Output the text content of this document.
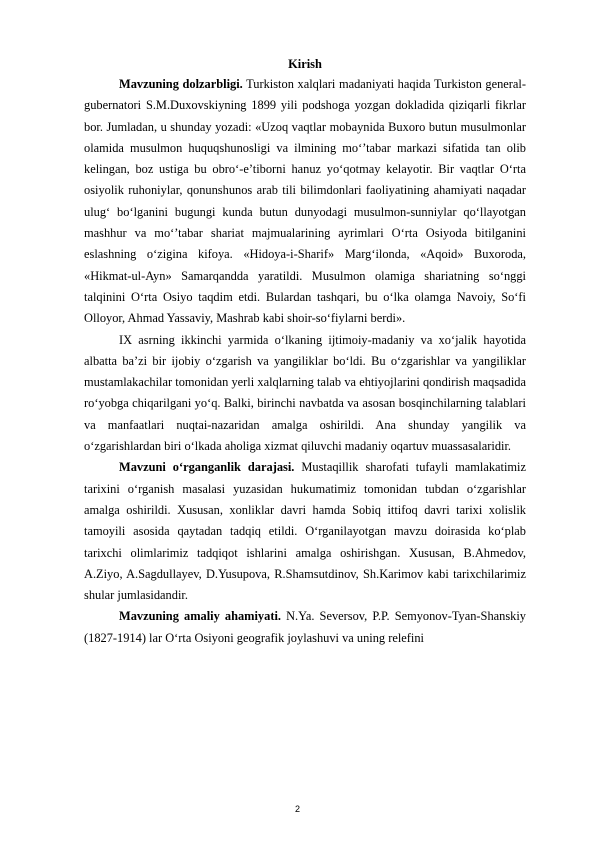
Kirish

Mavzuning dolzarbligi. Turkiston xalqlari madaniyati haqida Turkiston general-gubernatori S.M.Duxovskiyning 1899 yili podshoga yozgan dokladida qiziqarli fikrlar bor. Jumladan, u shunday yozadi: «Uzoq vaqtlar mobaynida Buxoro butun musulmonlar olamida musulmon huquqshunosligi va ilmining mo‘’tabar markazi sifatida tan olib kelingan, boz ustiga bu obro‘-e’tiborni hanuz yo‘qotmay kelayotir. Bir vaqtlar O‘rta osiyolik ruhoniylar, qonunshunos arab tili bilimdonlari faoliyatining ahamiyati naqadar ulug‘ bo‘lganini bugungi kunda butun dunyodagi musulmon-sunniylar qo‘llayotgan mashhur va mo‘’tabar shariat majmualarining ayrimlari O‘rta Osiyoda bitilganini eslashning o‘zigina kifoya. «Hidoya-i-Sharif» Marg‘ilonda, «Aqoid» Buxoroda, «Hikmat-ul-Ayn» Samarqandda yaratildi. Musulmon olamiga shariatning so‘nggi talqinini O‘rta Osiyo taqdim etdi. Bulardan tashqari, bu o‘lka olamga Navoiy, So‘fi Olloyor, Ahmad Yassaviy, Mashrab kabi shoir-so‘fiylarni berdi».

IX asrning ikkinchi yarmida o‘lkaning ijtimoiy-madaniy va xo‘jalik hayotida albatta ba’zi bir ijobiy o‘zgarish va yangiliklar bo‘ldi. Bu o‘zgarishlar va yangiliklar mustamlakachilar tomonidan yerli xalqlarning talab va ehtiyojlarini qondirish maqsadida ro‘yobga chiqarilgani yo‘q. Balki, birinchi navbatda va asosan bosqinchilarning talablari va manfaatlari nuqtai-nazaridan amalga oshirildi. Ana shunday yangilik va o‘zgarishlardan biri o‘lkada aholiga xizmat qiluvchi madaniy oqartuv muassasalaridir.

Mavzuni o‘rganganlik darajasi. Mustaqillik sharofati tufayli mamlakatimiz tarixini o‘rganish masalasi yuzasidan hukumatimiz tomonidan tubdan o‘zgarishlar amalga oshirildi. Xususan, xonliklar davri hamda Sobiq ittifoq davri tarixi xolislik tamoyili asosida qaytadan tadqiq etildi. O‘rganilayotgan mavzu doirasida ko‘plab tarixchi olimlarimiz tadqiqot ishlarini amalga oshirishgan. Xususan, B.Ahmedov, A.Ziyo, A.Sagdullayev, D.Yusupova, R.Shamsutdinov, Sh.Karimov kabi tarixchilarimiz shular jumlasidandir.

Mavzuning amaliy ahamiyati. N.Ya. Seversov, P.P. Semyonov-Tyan-Shanskiy (1827-1914) lar O‘rta Osiyoni geografik joylashuvi va uning relefini

2
